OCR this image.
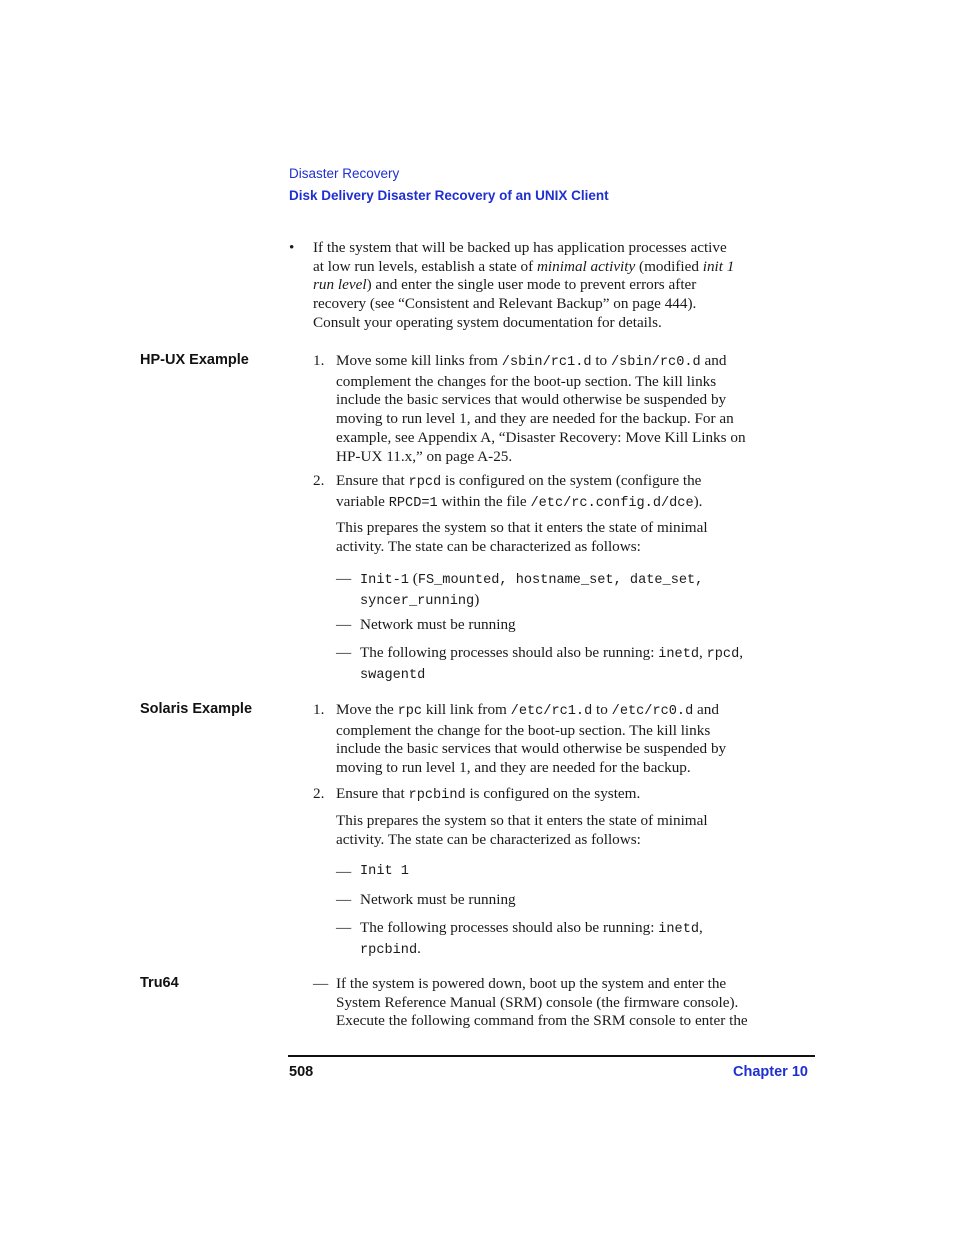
Disaster Recovery
Disk Delivery Disaster Recovery of an UNIX Client
• If the system that will be backed up has application processes active
at low run levels, establish a state of minimal activity (modified init 1
run level) and enter the single user mode to prevent errors after
recovery (see “Consistent and Relevant Backup” on page 444).
Consult your operating system documentation for details.
HP-UX Example	1. Move some kill links from /sbin/rc1.d to /sbin/rc0.d and
complement the changes for the boot-up section. The kill links
include the basic services that would otherwise be suspended by
moving to run level 1, and they are needed for the backup. For an
example, see Appendix A, “Disaster Recovery: Move Kill Links on
HP-UX 11.x,” on page A-25.
2. Ensure that rpcd is configured on the system (configure the
variable RPCD=1 within the file /etc/rc.config.d/dce).
This prepares the system so that it enters the state of minimal
activity. The state can be characterized as follows:
— Init-1 (FS_mounted, hostname_set, date_set,
syncer_running)
— Network must be running
— The following processes should also be running: inetd, rpcd,
swagentd
Solaris Example	1. Move the rpc kill link from /etc/rc1.d to /etc/rc0.d and
complement the change for the boot-up section. The kill links
include the basic services that would otherwise be suspended by
moving to run level 1, and they are needed for the backup.
2. Ensure that rpcbind is configured on the system.
This prepares the system so that it enters the state of minimal
activity. The state can be characterized as follows:
— Init 1
— Network must be running
— The following processes should also be running: inetd,
rpcbind.
Tru64	— If the system is powered down, boot up the system and enter the
System Reference Manual (SRM) console (the firmware console).
Execute the following command from the SRM console to enter the
508	Chapter 10
